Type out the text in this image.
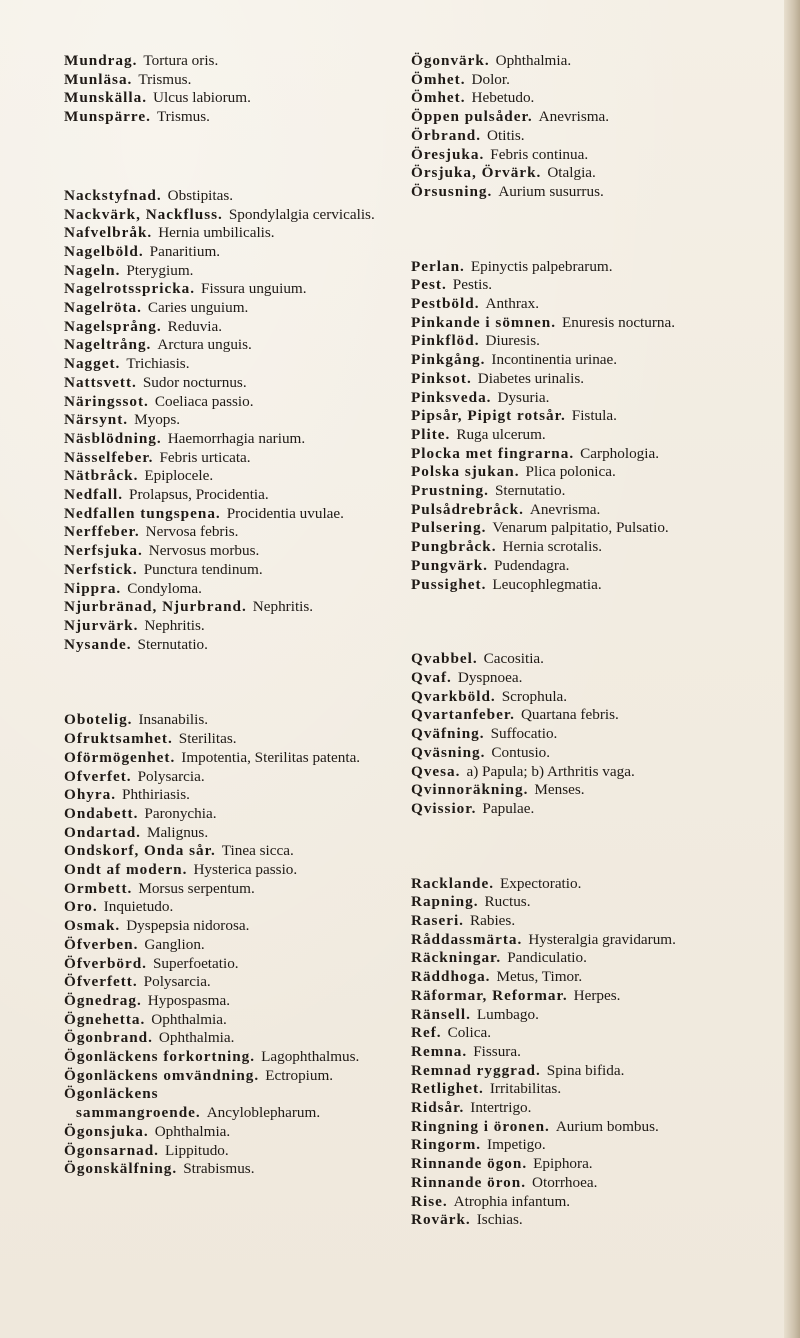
Mundrag. Tortura oris.
Munläsa. Trismus.
Munskälla. Ulcus labiorum.
Munspärre. Trismus.
Nackstyfnad. Obstipitas.
Nackvärk, Nackfluss. Spondylalgia cervicalis.
Nafvelbråk. Hernia umbilicalis.
Nagelböld. Panaritium.
Nageln. Pterygium.
Nagelrotsspricka. Fissura unguium.
Nagelröta. Caries unguium.
Nagelsprång. Reduvia.
Nageltrång. Arctura unguis.
Nagget. Trichiasis.
Nattsvett. Sudor nocturnus.
Näringssot. Coeliaca passio.
Närsynt. Myops.
Näsblödning. Haemorrhagia narium.
Nässelfeber. Febris urticata.
Nätbråck. Epiplocele.
Nedfall. Prolapsus, Procidentia.
Nedfallen tungspena. Procidentia uvulae.
Nerffeber. Nervosa febris.
Nerfsjuka. Nervosus morbus.
Nerfstick. Punctura tendinum.
Nippra. Condyloma.
Njurbränad, Njurbrand. Nephritis.
Njurvärk. Nephritis.
Nysande. Sternutatio.
Obotelig. Insanabilis.
Ofruktsamhet. Sterilitas.
Oförmögenhet. Impotentia, Sterilitas patenta.
Ofverfet. Polysarcia.
Ohyra. Phthiriasis.
Ondabett. Paronychia.
Ondartad. Malignus.
Ondskorf, Onda sår. Tinea sicca.
Ondt af modern. Hysterica passio.
Ormbett. Morsus serpentum.
Oro. Inquietudo.
Osmak. Dyspepsia nidorosa.
Öfverben. Ganglion.
Öfverbörd. Superfoetatio.
Öfverfett. Polysarcia.
Ögnedrag. Hypospasma.
Ögnehetta. Ophthalmia.
Ögonbrand. Ophthalmia.
Ögonläckens forkortning. Lagophthalmus.
Ögonläckens omvändning. Ectropium.
Ögonläckens sammangroende. Ancyloblepharum.
Ögonsjuka. Ophthalmia.
Ögonsarnad. Lippitudo.
Ögonskälfning. Strabismus.
Ögonvärk. Ophthalmia.
Ömhet. Dolor.
Ömhet. Hebetudo.
Öppen pulsåder. Anevrisma.
Örbrand. Otitis.
Öresjuka. Febris continua.
Örsjuka, Örvärk. Otalgia.
Örsusning. Aurium susurrus.
Perlan. Epinyctis palpebrarum.
Pest. Pestis.
Pestböld. Anthrax.
Pinkande i sömnen. Enuresis nocturna.
Pinkflöd. Diuresis.
Pinkgång. Incontinentia urinae.
Pinksot. Diabetes urinalis.
Pinksveda. Dysuria.
Pipsår, Pipigt rotsår. Fistula.
Plite. Ruga ulcerum.
Plocka met fingrarna. Carphologia.
Polska sjukan. Plica polonica.
Prustning. Sternutatio.
Pulsådrebråck. Anevrisma.
Pulsering. Venarum palpitatio, Pulsatio.
Pungbråck. Hernia scrotalis.
Pungvärk. Pudendagra.
Pussighet. Leucophlegmatia.
Qvabbel. Cacositia.
Qvaf. Dyspnoea.
Qvarkböld. Scrophula.
Qvartanfeber. Quartana febris.
Qväfning. Suffocatio.
Qväsning. Contusio.
Qvesa. a) Papula; b) Arthritis vaga.
Qvinnoräkning. Menses.
Qvissior. Papulae.
Racklande. Expectoratio.
Rapning. Ructus.
Raseri. Rabies.
Råddassmärta. Hysteralgia gravidarum.
Räckningar. Pandiculatio.
Räddhoga. Metus, Timor.
Räformar, Reformar. Herpes.
Ränsell. Lumbago.
Ref. Colica.
Remna. Fissura.
Remnad ryggrad. Spina bifida.
Retlighet. Irritabilitas.
Ridsår. Intertrigo.
Ringning i öronen. Aurium bombus.
Ringorm. Impetigo.
Rinnande ögon. Epiphora.
Rinnande öron. Otorrhoea.
Rise. Atrophia infantum.
Rovärk. Ischias.
